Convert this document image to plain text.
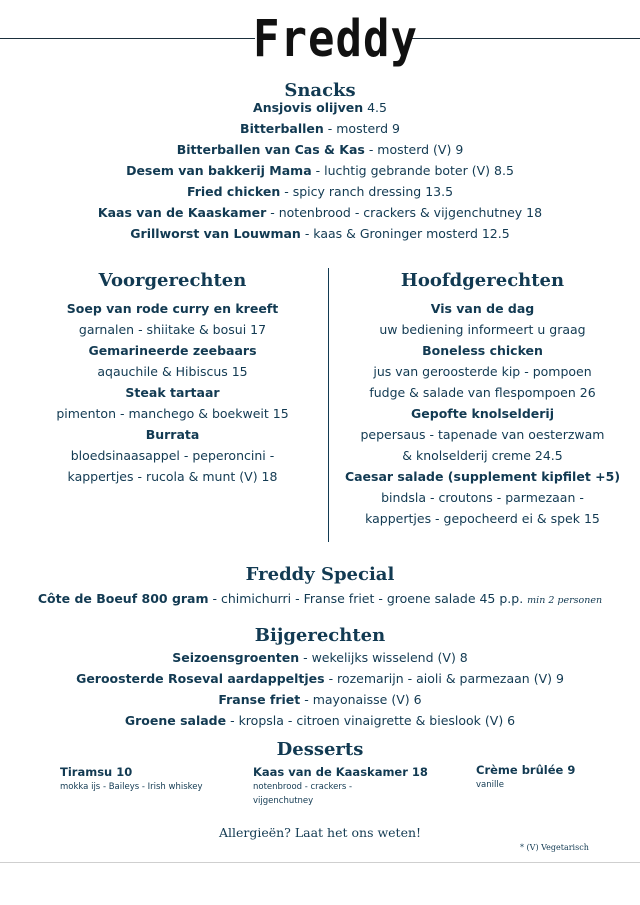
Freddy
Snacks
Ansjovis olijven 4.5
Bitterballen - mosterd 9
Bitterballen van Cas & Kas - mosterd (V) 9
Desem van bakkerij Mama - luchtig gebrande boter (V) 8.5
Fried chicken - spicy ranch dressing 13.5
Kaas van de Kaaskamer - notenbrood - crackers & vijgenchutney 18
Grillworst van Louwman - kaas & Groninger mosterd 12.5
Voorgerechten
Soep van rode curry en kreeft
garnalen - shiitake & bosui 17
Gemarineerde zeebaars
aqauchile & Hibiscus 15
Steak tartaar
pimenton - manchego & boekweit 15
Burrata
bloedsinaasappel - peperoncini -
kappertjes - rucola & munt (V) 18
Hoofdgerechten
Vis van de dag
uw bediening informeert u graag
Boneless chicken
jus van geroosterde kip - pompoen
fudge & salade van flespompoen 26
Gepofte knolselderij
pepersaus - tapenade van oesterzwam
& knolselderij creme 24.5
Caesar salade (supplement kipfilet +5)
bindsla - croutons - parmezaan -
kappertjes - gepocheerd ei & spek 15
Freddy Special
Côte de Boeuf 800 gram - chimichurri - Franse friet - groene salade 45 p.p. min 2 personen
Bijgerechten
Seizoensgroenten - wekelijks wisselend (V) 8
Geroosterde Roseval aardappeltjes - rozemarijn - aioli & parmezaan (V) 9
Franse friet - mayonaisse (V) 6
Groene salade - kropsla - citroen vinaigrette & bieslook (V) 6
Desserts
Tiramsu 10
mokka ijs - Baileys - Irish whiskey
Kaas van de Kaaskamer 18
notenbrood - crackers -
vijgenchutney
Crème brûlée 9
vanille
Allergieën? Laat het ons weten!
* (V) Vegetarisch
